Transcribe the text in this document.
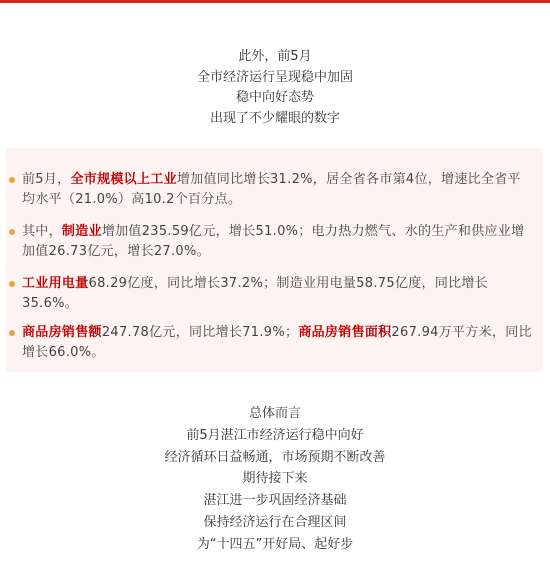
此外，前5月
全市经济运行呈现稳中加固
稳中向好态势
出现了不少耀眼的数字
前5月，全市规模以上工业增加值同比增长31.2%，居全省各市第4位，增速比全省平均水平（21.0%）高10.2个百分点。
其中，制造业增加值235.59亿元，增长51.0%；电力热力燃气、水的生产和供应业增加值26.73亿元，增长27.0%。
工业用电量68.29亿度，同比增长37.2%；制造业用电量58.75亿度，同比增长35.6%。
商品房销售额247.78亿元，同比增长71.9%；商品房销售面积267.94万平方米，同比增长66.0%。
总体而言
前5月湛江市经济运行稳中向好
经济循环日益畅通，市场预期不断改善
期待接下来
湛江进一步巩固经济基础
保持经济运行在合理区间
为“十四五”开好局、起好步
